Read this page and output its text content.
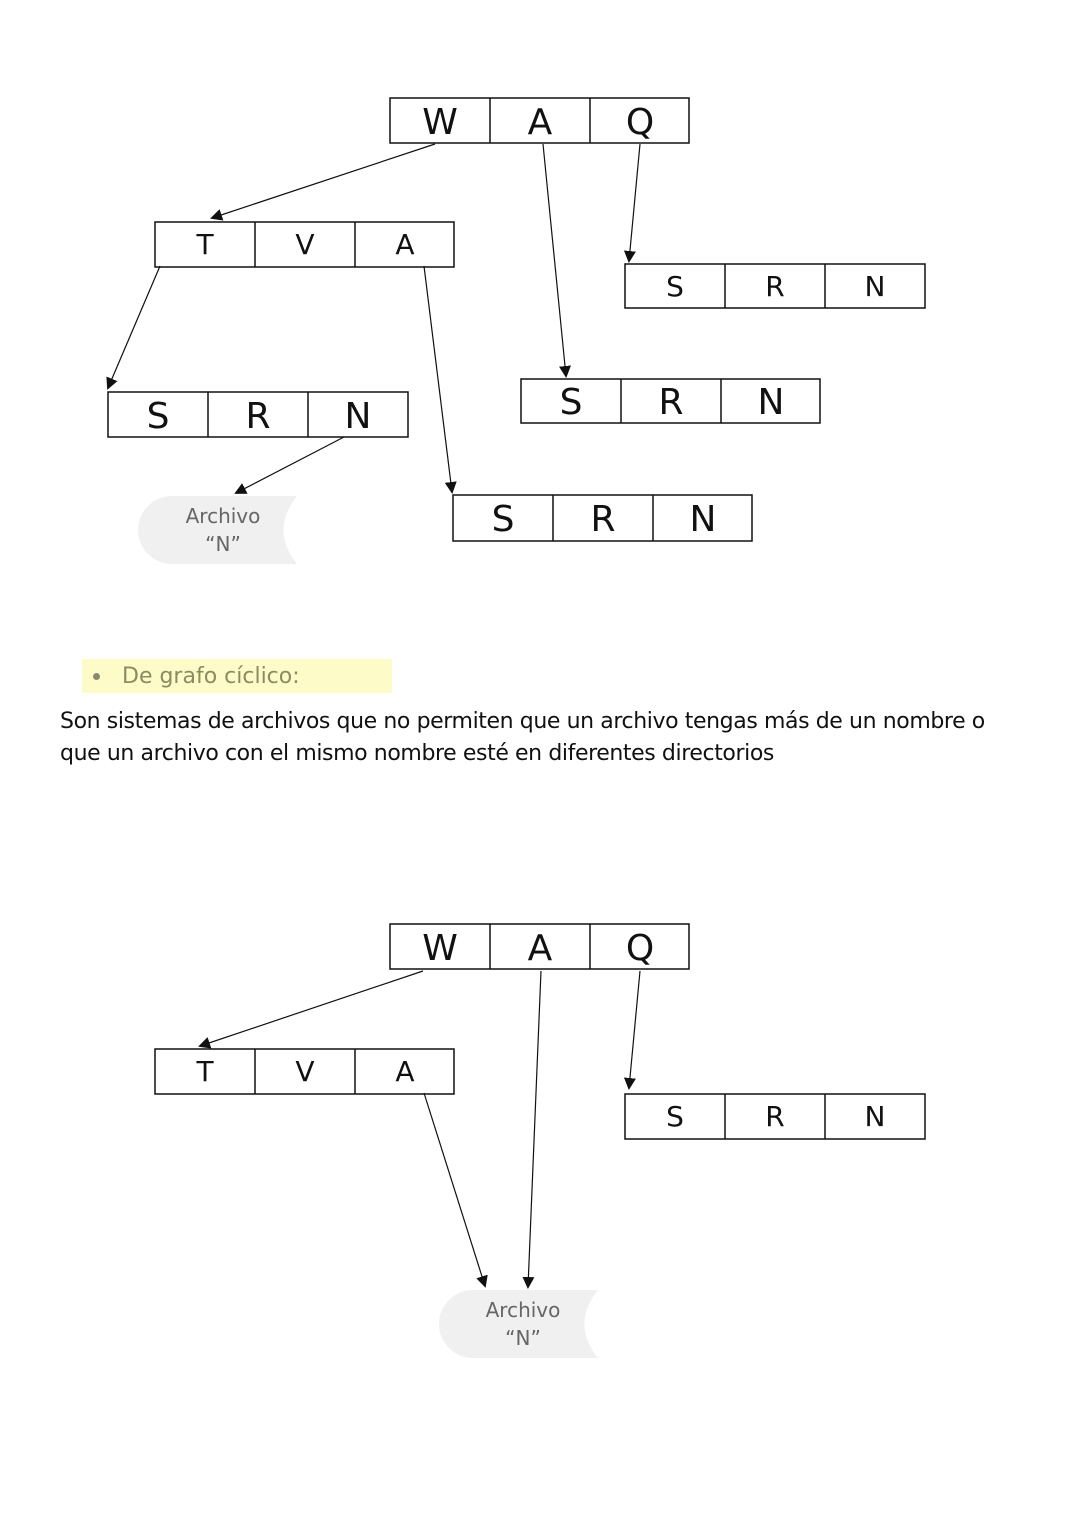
W A Q
T	V	A
S	R	N
S R N
S R N
S R N
Archivo
“N”
De grafo cíclico:
Son sistemas de archivos que no permiten que un archivo tengas más de un nombre o que un archivo con el mismo nombre esté en diferentes directorios
W A Q
T	V	A
S	R	N
Archivo
“N”
